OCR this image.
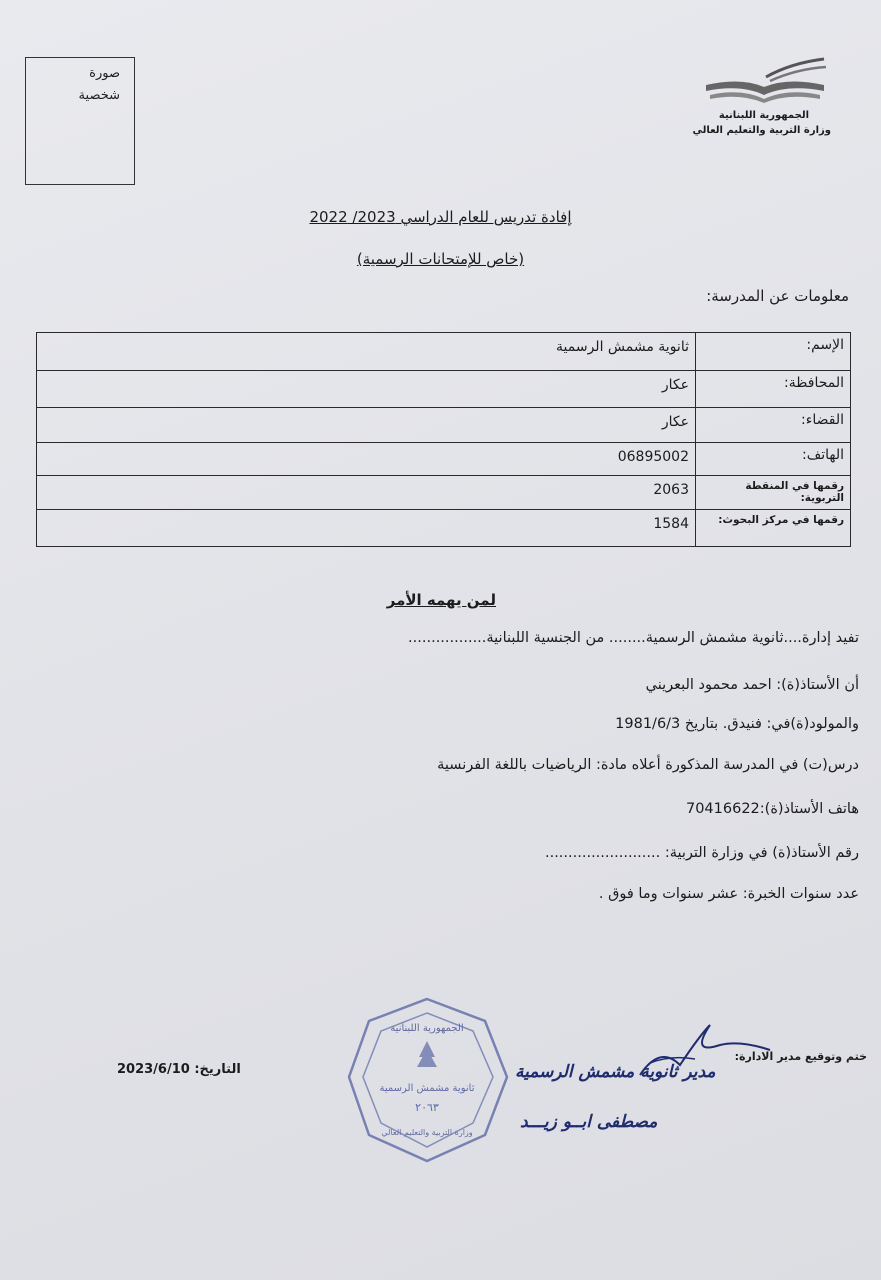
صورة
شخصية
الجمهورية اللبنانية
وزارة التربية والتعليم العالي
إفادة تدريس للعام الدراسي 2023/ 2022
(خاص للإمتحانات الرسمية)
معلومات عن المدرسة:
الإسم:	ثانوية مشمش الرسمية
المحافظة:	عكار
القضاء:	عكار
الهاتف:	06895002
رقمها في المنقطة التربوية:	2063
رقمها في مركز البحوث:	1584
لمن يهمه الأمر
تفيد إدارة....ثانوية مشمش الرسمية........ من الجنسية اللبنانية.................
أن الأستاذ(ة): احمد محمود البعريني
والمولود(ة)في: فنيدق. بتاريخ 1981/6/3
درس(ت) في المدرسة المذكورة أعلاه مادة: الرياضيات باللغة الفرنسية
هاتف الأستاذ(ة):70416622
رقم الأستاذ(ة) في وزارة التربية: .........................
عدد سنوات الخبرة: عشر سنوات وما فوق .
ختم وتوقيع مدير الادارة:
التاريخ: 2023/6/10
الجمهورية اللبنانية
ثانوية مشمش الرسمية
٢٠٦٣
وزارة التربية والتعليم العالي
مدير ثانوية مشمش الرسمية
مصطفى ابــو زيـــد
